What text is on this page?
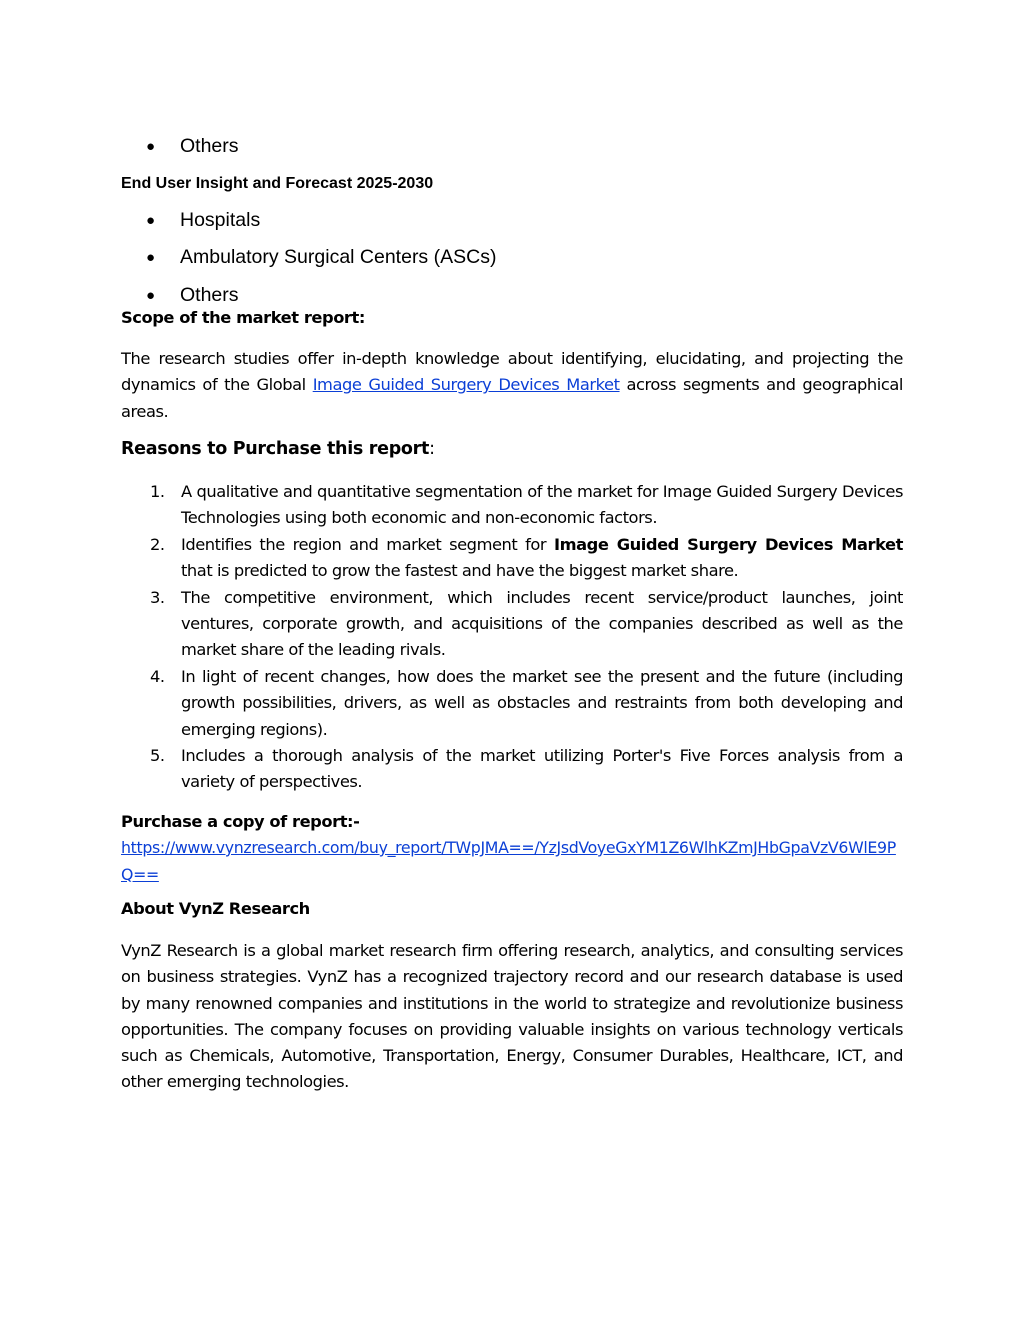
●	Others
End User Insight and Forecast 2025-2030
●	Hospitals
●	Ambulatory Surgical Centers (ASCs)
●	Others
Scope of the market report:
The research studies offer in-depth knowledge about identifying, elucidating, and projecting the dynamics of the Global Image Guided Surgery Devices Market across segments and geographical areas.
Reasons to Purchase this report:
1. A qualitative and quantitative segmentation of the market for Image Guided Surgery Devices Technologies using both economic and non-economic factors.
2. Identifies the region and market segment for Image Guided Surgery Devices Market that is predicted to grow the fastest and have the biggest market share.
3. The competitive environment, which includes recent service/product launches, joint ventures, corporate growth, and acquisitions of the companies described as well as the market share of the leading rivals.
4. In light of recent changes, how does the market see the present and the future (including growth possibilities, drivers, as well as obstacles and restraints from both developing and emerging regions).
5. Includes a thorough analysis of the market utilizing Porter's Five Forces analysis from a variety of perspectives.
Purchase a copy of report:-
https://www.vynzresearch.com/buy_report/TWpJMA==/YzJsdVoyeGxYM1Z6WlhKZmJHbGpaVzV6WlE9PQ==
About VynZ Research
VynZ Research is a global market research firm offering research, analytics, and consulting services on business strategies. VynZ has a recognized trajectory record and our research database is used by many renowned companies and institutions in the world to strategize and revolutionize business opportunities. The company focuses on providing valuable insights on various technology verticals such as Chemicals, Automotive, Transportation, Energy, Consumer Durables, Healthcare, ICT, and other emerging technologies.
